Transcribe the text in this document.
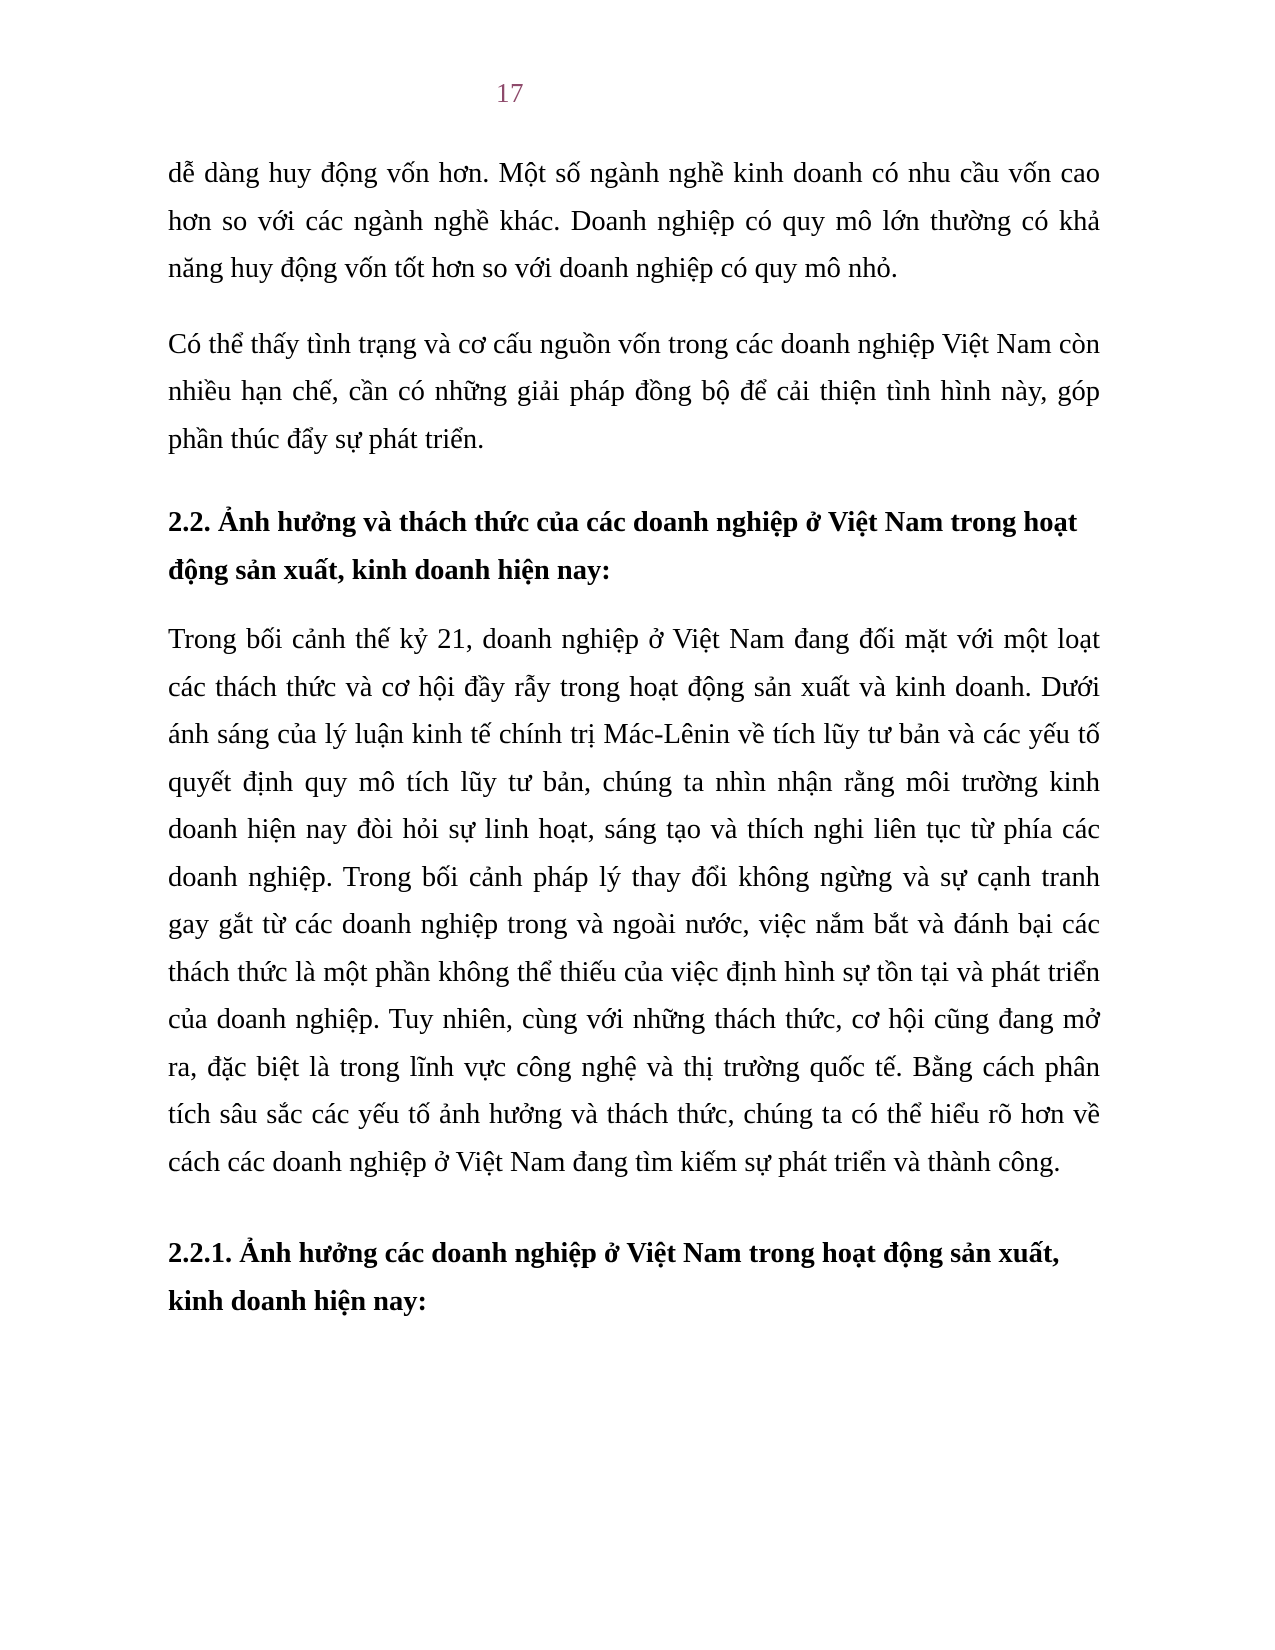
17

dễ dàng huy động vốn hơn. Một số ngành nghề kinh doanh có nhu cầu vốn cao hơn so với các ngành nghề khác. Doanh nghiệp có quy mô lớn thường có khả năng huy động vốn tốt hơn so với doanh nghiệp có quy mô nhỏ.

Có thể thấy tình trạng và cơ cấu nguồn vốn trong các doanh nghiệp Việt Nam còn nhiều hạn chế, cần có những giải pháp đồng bộ để cải thiện tình hình này, góp phần thúc đẩy sự phát triển.

2.2. Ảnh hưởng và thách thức của các doanh nghiệp ở Việt Nam trong hoạt động sản xuất, kinh doanh hiện nay:

Trong bối cảnh thế kỷ 21, doanh nghiệp ở Việt Nam đang đối mặt với một loạt các thách thức và cơ hội đầy rẫy trong hoạt động sản xuất và kinh doanh. Dưới ánh sáng của lý luận kinh tế chính trị Mác-Lênin về tích lũy tư bản và các yếu tố quyết định quy mô tích lũy tư bản, chúng ta nhìn nhận rằng môi trường kinh doanh hiện nay đòi hỏi sự linh hoạt, sáng tạo và thích nghi liên tục từ phía các doanh nghiệp. Trong bối cảnh pháp lý thay đổi không ngừng và sự cạnh tranh gay gắt từ các doanh nghiệp trong và ngoài nước, việc nắm bắt và đánh bại các thách thức là một phần không thể thiếu của việc định hình sự tồn tại và phát triển của doanh nghiệp. Tuy nhiên, cùng với những thách thức, cơ hội cũng đang mở ra, đặc biệt là trong lĩnh vực công nghệ và thị trường quốc tế. Bằng cách phân tích sâu sắc các yếu tố ảnh hưởng và thách thức, chúng ta có thể hiểu rõ hơn về cách các doanh nghiệp ở Việt Nam đang tìm kiếm sự phát triển và thành công.

2.2.1. Ảnh hưởng các doanh nghiệp ở Việt Nam trong hoạt động sản xuất, kinh doanh hiện nay:
